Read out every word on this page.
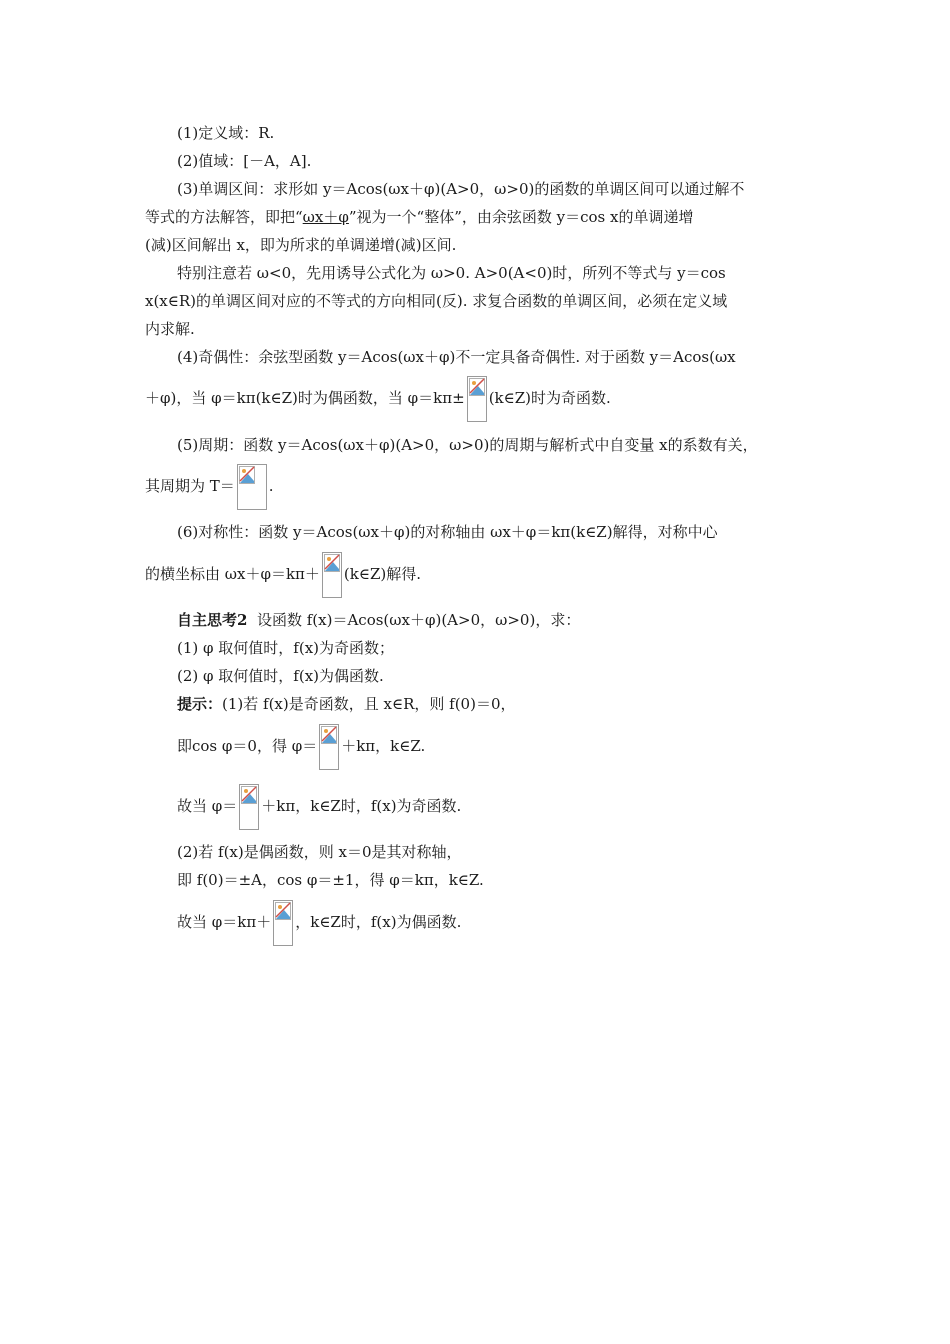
(1)定义域：R.
(2)值域：[－A，A].
(3)单调区间：求形如 y＝Acos(ωx＋φ)(A>0，ω>0)的函数的单调区间可以通过解不
等式的方法解答，即把“ωx＋φ”视为一个“整体”，由余弦函数 y＝cos x的单调递增
(减)区间解出 x，即为所求的单调递增(减)区间.
特别注意若 ω<0，先用诱导公式化为 ω>0. A>0(A<0)时，所列不等式与 y＝cos
x(x∈R)的单调区间对应的不等式的方向相同(反). 求复合函数的单调区间，必须在定义域
内求解.
(4)奇偶性：余弦型函数 y＝Acos(ωx＋φ)不一定具备奇偶性. 对于函数 y＝Acos(ωx
＋φ)，当 φ＝kπ(k∈Z)时为偶函数，当 φ＝kπ± (k∈Z)时为奇函数.
(5)周期：函数 y＝Acos(ωx＋φ)(A>0，ω>0)的周期与解析式中自变量 x的系数有关，
其周期为 T＝ .
(6)对称性：函数 y＝Acos(ωx＋φ)的对称轴由 ωx＋φ＝kπ(k∈Z)解得，对称中心
的横坐标由 ωx＋φ＝kπ＋ (k∈Z)解得.
自主思考2 设函数 f(x)＝Acos(ωx＋φ)(A>0，ω>0)，求：
(1) φ 取何值时，f(x)为奇函数；
(2) φ 取何值时，f(x)为偶函数.
提示：(1)若 f(x)是奇函数，且 x∈R，则 f(0)＝0，
即cos φ＝0，得 φ＝ ＋kπ，k∈Z.
故当 φ＝ ＋kπ，k∈Z时，f(x)为奇函数.
(2)若 f(x)是偶函数，则 x＝0是其对称轴，
即 f(0)＝±A，cos φ＝±1，得 φ＝kπ，k∈Z.
故当 φ＝kπ＋ ，k∈Z时，f(x)为偶函数.
